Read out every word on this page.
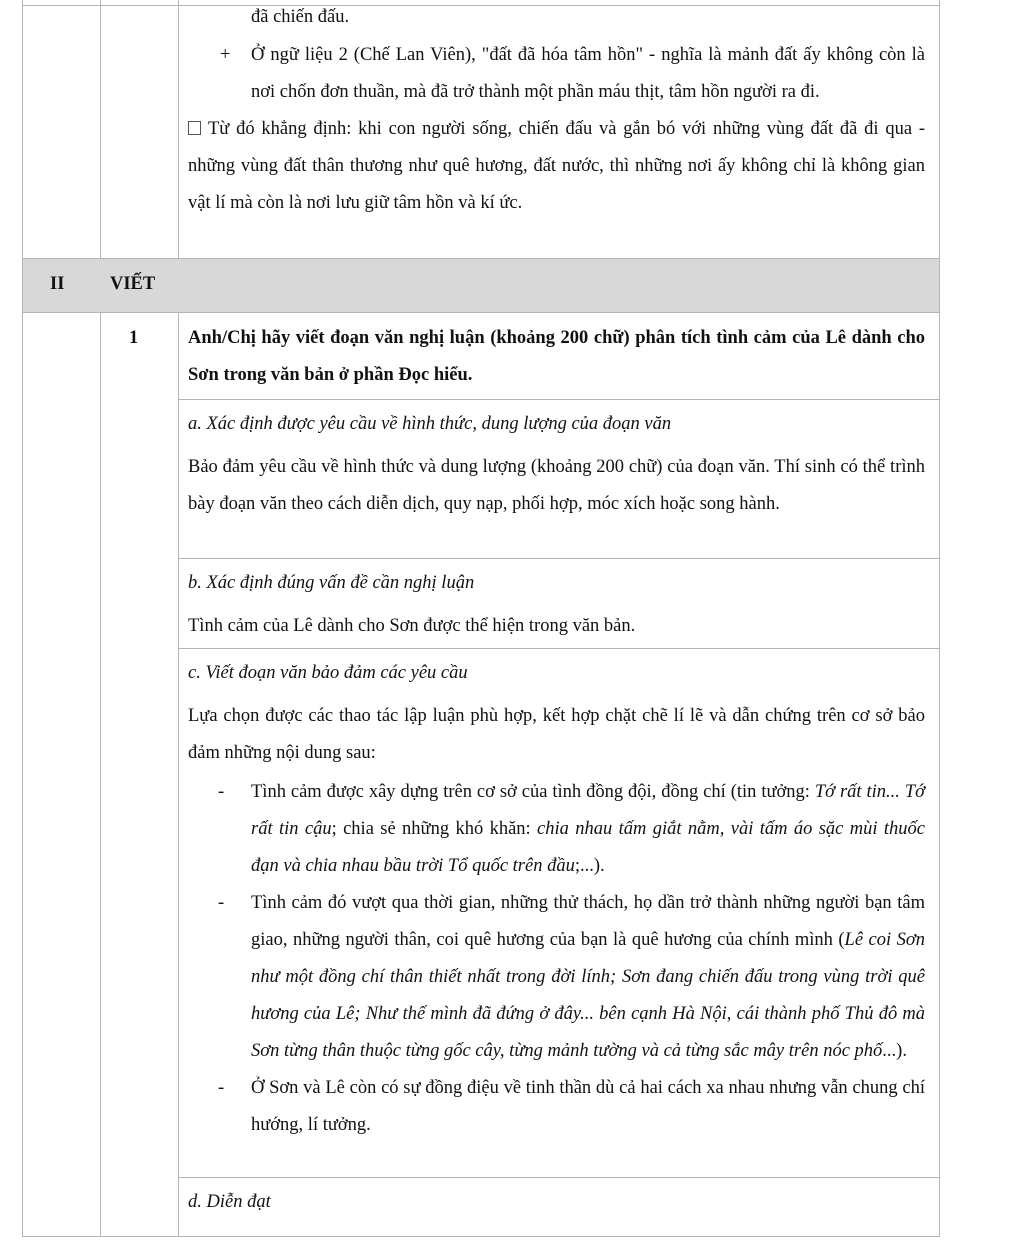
đã chiến đấu.

+ Ở ngữ liệu 2 (Chế Lan Viên), "đất đã hóa tâm hồn" - nghĩa là mảnh đất ấy không còn là nơi chốn đơn thuần, mà đã trở thành một phần máu thịt, tâm hồn người ra đi.

Từ đó khẳng định: khi con người sống, chiến đấu và gắn bó với những vùng đất đã đi qua - những vùng đất thân thương như quê hương, đất nước, thì những nơi ấy không chỉ là không gian vật lí mà còn là nơi lưu giữ tâm hồn và kí ức.

II VIẾT
1	Anh/Chị hãy viết đoạn văn nghị luận (khoảng 200 chữ) phân tích tình cảm của Lê dành cho Sơn trong văn bản ở phần Đọc hiểu.

a. Xác định được yêu cầu về hình thức, dung lượng của đoạn văn

Bảo đảm yêu cầu về hình thức và dung lượng (khoảng 200 chữ) của đoạn văn. Thí sinh có thể trình bày đoạn văn theo cách diễn dịch, quy nạp, phối hợp, móc xích hoặc song hành.

b. Xác định đúng vấn đề cần nghị luận

Tình cảm của Lê dành cho Sơn được thể hiện trong văn bản.

c. Viết đoạn văn bảo đảm các yêu cầu

Lựa chọn được các thao tác lập luận phù hợp, kết hợp chặt chẽ lí lẽ và dẫn chứng trên cơ sở bảo đảm những nội dung sau:

- Tình cảm được xây dựng trên cơ sở của tình đồng đội, đồng chí (tin tưởng: Tớ rất tin... Tớ rất tin cậu; chia sẻ những khó khăn: chia nhau tấm giắt nằm, vài tấm áo sặc mùi thuốc đạn và chia nhau bầu trời Tổ quốc trên đầu;...).
- Tình cảm đó vượt qua thời gian, những thử thách, họ dần trở thành những người bạn tâm giao, những người thân, coi quê hương của bạn là quê hương của chính mình (Lê coi Sơn như một đồng chí thân thiết nhất trong đời lính; Sơn đang chiến đấu trong vùng trời quê hương của Lê; Như thế mình đã đứng ở đây... bên cạnh Hà Nội, cái thành phố Thủ đô mà Sơn từng thân thuộc từng gốc cây, từng mảnh tường và cả từng sắc mây trên nóc phố...).
- Ở Sơn và Lê còn có sự đồng điệu về tinh thần dù cả hai cách xa nhau nhưng vẫn chung chí hướng, lí tưởng.

d. Diễn đạt
